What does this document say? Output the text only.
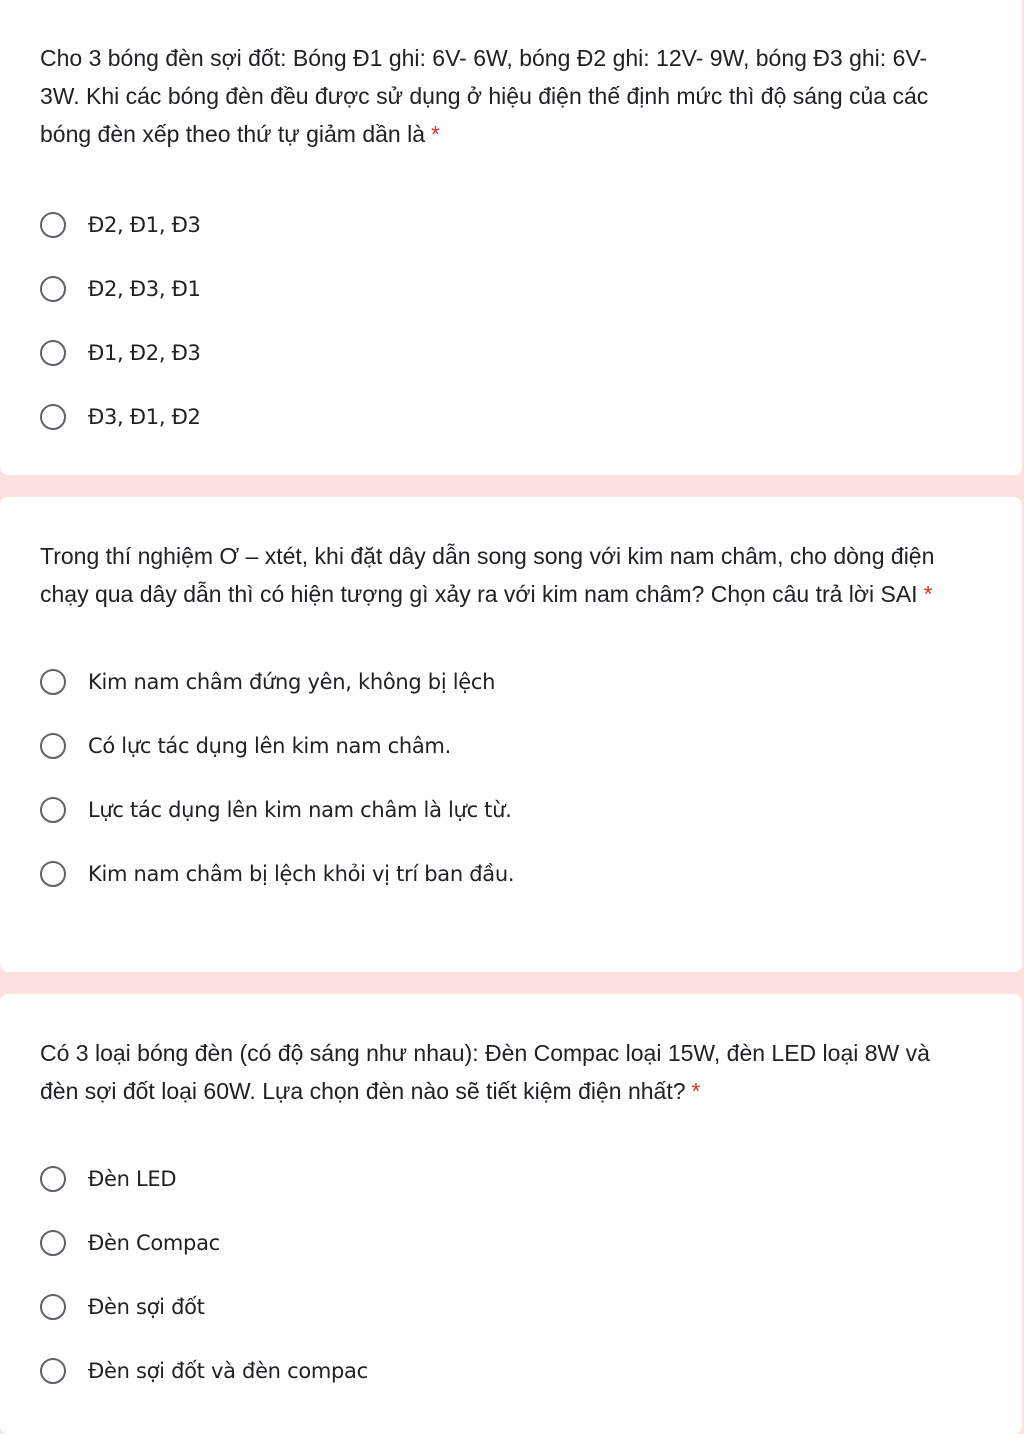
Cho 3 bóng đèn sợi đốt: Bóng Đ1 ghi: 6V- 6W, bóng Đ2 ghi: 12V- 9W, bóng Đ3 ghi: 6V- 3W. Khi các bóng đèn đều được sử dụng ở hiệu điện thế định mức thì độ sáng của các bóng đèn xếp theo thứ tự giảm dần là *

Đ2, Đ1, Đ3
Đ2, Đ3, Đ1
Đ1, Đ2, Đ3
Đ3, Đ1, Đ2

Trong thí nghiệm Ơ – xtét, khi đặt dây dẫn song song với kim nam châm, cho dòng điện chạy qua dây dẫn thì có hiện tượng gì xảy ra với kim nam châm? Chọn câu trả lời SAI *

Kim nam châm đứng yên, không bị lệch
Có lực tác dụng lên kim nam châm.
Lực tác dụng lên kim nam châm là lực từ.
Kim nam châm bị lệch khỏi vị trí ban đầu.

Có 3 loại bóng đèn (có độ sáng như nhau): Đèn Compac loại 15W, đèn LED loại 8W và đèn sợi đốt loại 60W. Lựa chọn đèn nào sẽ tiết kiệm điện nhất? *

Đèn LED
Đèn Compac
Đèn sợi đốt
Đèn sợi đốt và đèn compac
